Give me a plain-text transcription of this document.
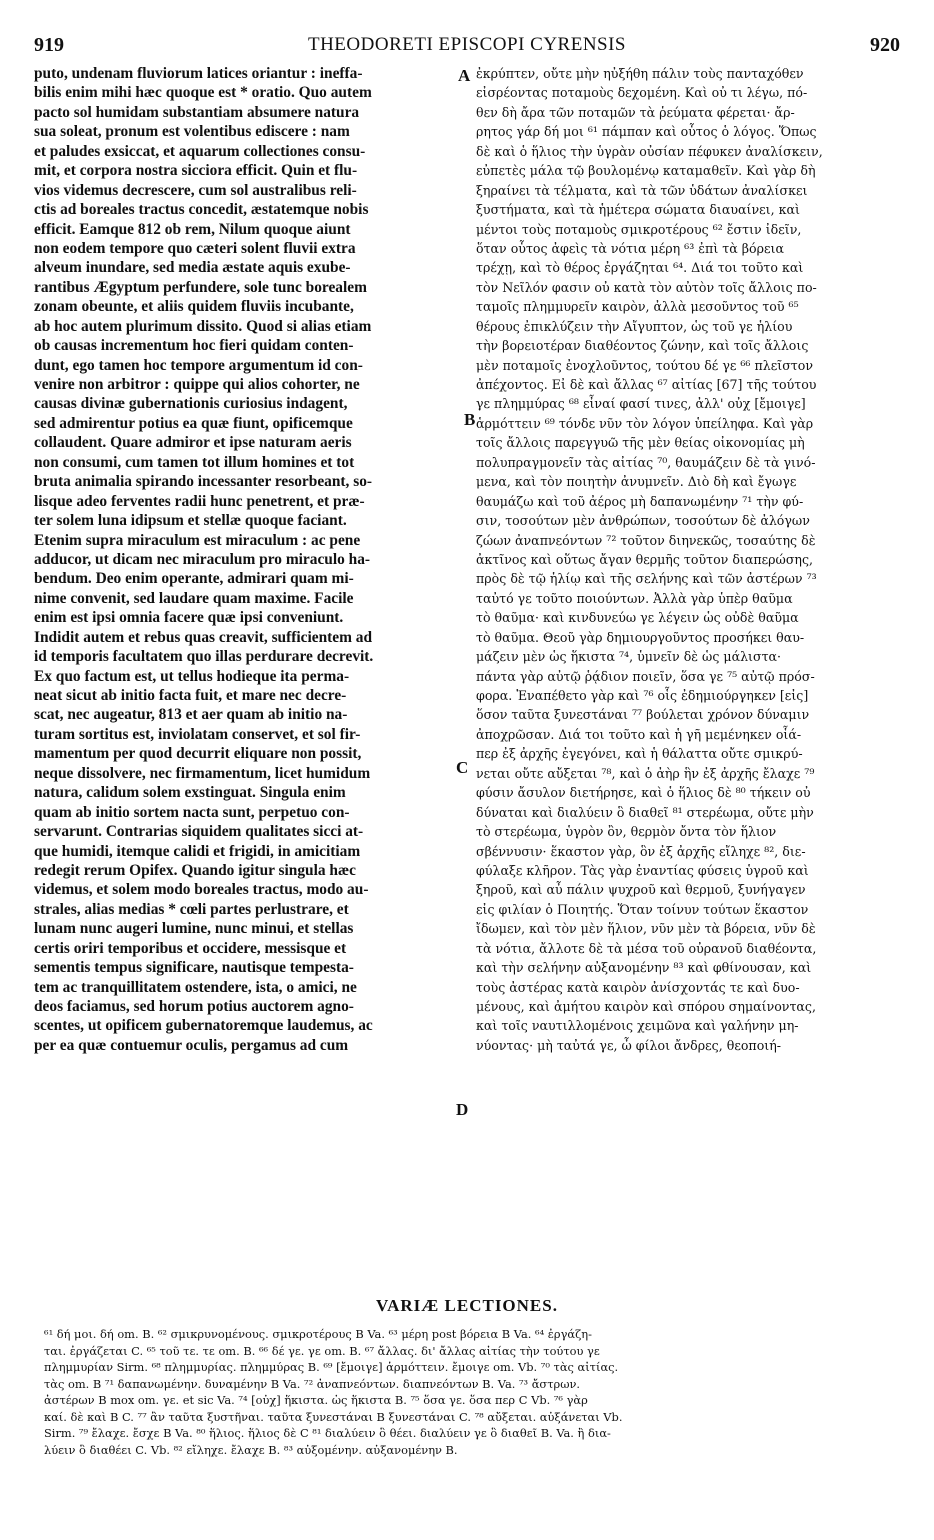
919	THEODORETI EPISCOPI CYRENSIS	920
puto, undenam fluviorum latices oriantur : ineffa-
bilis enim mihi hæc quoque est * oratio. Quo autem
pacto sol humidam substantiam absumere natura
sua soleat, pronum est volentibus ediscere : nam
et paludes exsiccat, et aquarum collectiones consu-
mit, et corpora nostra sicciora efficit. Quin et flu-
vios videmus decrescere, cum sol australibus reli-
ctis ad boreales tractus concedit, æstatemque nobis
efficit. Eamque 812 ob rem, Nilum quoque aiunt
non eodem tempore quo cæteri solent fluvii extra
alveum inundare, sed media æstate aquis exube-
rantibus Ægyptum perfundere, sole tunc borealem
zonam obeunte, et aliis quidem fluviis incubante,
ab hoc autem plurimum dissito. Quod si alias etiam
ob causas incrementum hoc fieri quidam conten-
dunt, ego tamen hoc tempore argumentum id con-
venire non arbitror : quippe qui alios cohorter, ne
causas divinæ gubernationis curiosius indagent,
sed admirentur potius ea quæ fiunt, opificemque
collaudent. Quare admiror et ipse naturam aeris
non consumi, cum tamen tot illum homines et tot
bruta animalia spirando incessanter resorbeant, so-
lisque adeo ferventes radii hunc penetrent, et præ-
ter solem luna idipsum et stellæ quoque faciant.
Etenim supra miraculum est miraculum : ac pene
adducor, ut dicam nec miraculum pro miraculo ha-
bendum. Deo enim operante, admirari quam mi-
nime convenit, sed laudare quam maxime. Facile
enim est ipsi omnia facere quæ ipsi conveniunt.
Indidit autem et rebus quas creavit, sufficientem ad
id temporis facultatem quo illas perdurare decrevit.
Ex quo factum est, ut tellus hodieque ita perma-
neat sicut ab initio facta fuit, et mare nec decre-
scat, nec augeatur, 813 et aer quam ab initio na-
turam sortitus est, inviolatam conservet, et sol fir-
mamentum per quod decurrit eliquare non possit,
neque dissolvere, nec firmamentum, licet humidum
natura, calidum solem exstinguat. Singula enim
quam ab initio sortem nacta sunt, perpetuo con-
servarunt. Contrarias siquidem qualitates sicci at-
que humidi, itemque calidi et frigidi, in amicitiam
redegit rerum Opifex. Quando igitur singula hæc
videmus, et solem modo boreales tractus, modo au-
strales, alias medias * cœli partes perlustrare, et
lunam nunc augeri lumine, nunc minui, et stellas
certis oriri temporibus et occidere, messisque et
sementis tempus significare, nautisque tempesta-
tem ac tranquillitatem ostendere, ista, o amici, ne
deos faciamus, sed horum potius auctorem agno-
scentes, ut opificem gubernatoremque laudemus, ac
per ea quæ contuemur oculis, pergamus ad cum
ἐκρύπτεν, οὔτε μὴν ηὐξήθη πάλιν τοὺς πανταχόθεν
εἰσρέοντας ποταμοὺς δεχομένη. Καὶ οὐ τι λέγω, πό-
θεν δὴ ἄρα τῶν ποταμῶν τὰ ῥεύματα φέρεται· ἄρ-
ρητος γάρ δή μοι ⁶¹ πάμπαν καὶ οὗτος ὁ λόγος. Ὅπως
δὲ καὶ ὁ ἥλιος τὴν ὑγρὰν οὐσίαν πέφυκεν ἀναλίσκειν,
εὐπετὲς μάλα τῷ βουλομένῳ καταμαθεῖν. Καὶ γὰρ δὴ
ξηραίνει τὰ τέλματα, καὶ τὰ τῶν ὑδάτων ἀναλίσκει
ξυστήματα, καὶ τὰ ἡμέτερα σώματα διαυαίνει, καὶ
μέντοι τοὺς ποταμοὺς σμικροτέρους ⁶² ἔστιν ἰδεῖν,
ὅταν οὗτος ἀφεὶς τὰ νότια μέρη ⁶³ ἐπὶ τὰ βόρεια
τρέχῃ, καὶ τὸ θέρος ἐργάζηται ⁶⁴. Διά τοι τοῦτο καὶ
τὸν Νεῖλόν φασιν οὐ κατὰ τὸν αὐτὸν τοῖς ἄλλοις πο-
ταμοῖς πλημμυρεῖν καιρὸν, ἀλλὰ μεσοῦντος τοῦ ⁶⁵
θέρους ἐπικλύζειν τὴν Αἴγυπτον, ὡς τοῦ γε ἡλίου
τὴν βορειοτέραν διαθέοντος ζώνην, καὶ τοῖς ἄλλοις
μὲν ποταμοῖς ἐνοχλοῦντος, τούτου δέ γε ⁶⁶ πλεῖστον
ἀπέχοντος. Εἰ δὲ καὶ ἄλλας ⁶⁷ αἰτίας [67] τῆς τούτου
γε πλημμύρας ⁶⁸ εἶναί φασί τινες, ἀλλ' οὐχ [ἔμοιγε]
ἁρμόττειν ⁶⁹ τόνδε νῦν τὸν λόγον ὑπείληφα. Καὶ γὰρ
τοῖς ἄλλοις παρεγγυῶ τῆς μὲν θείας οἰκονομίας μὴ
πολυπραγμονεῖν τὰς αἰτίας ⁷⁰, θαυμάζειν δὲ τὰ γινό-
μενα, καὶ τὸν ποιητὴν ἀνυμνεῖν. Διὸ δὴ καὶ ἔγωγε
θαυμάζω καὶ τοῦ ἀέρος μὴ δαπανωμένην ⁷¹ τὴν φύ-
σιν, τοσούτων μὲν ἀνθρώπων, τοσούτων δὲ ἀλόγων
ζώων ἀναπνεόντων ⁷² τοῦτον διηνεκῶς, τοσαύτης δὲ
ἀκτῖνος καὶ οὕτως ἄγαν θερμῆς τοῦτον διαπερώσης,
πρὸς δὲ τῷ ἡλίῳ καὶ τῆς σελήνης καὶ τῶν ἀστέρων ⁷³
ταὐτό γε τοῦτο ποιούντων. Ἀλλὰ γὰρ ὑπὲρ θαῦμα
τὸ θαῦμα· καὶ κινδυνεύω γε λέγειν ὡς οὐδὲ θαῦμα
τὸ θαῦμα. Θεοῦ γὰρ δημιουργοῦντος προσήκει θαυ-
μάζειν μὲν ὡς ἥκιστα ⁷⁴, ὑμνεῖν δὲ ὡς μάλιστα·
πάντα γὰρ αὐτῷ ῥᾴδιον ποιεῖν, ὅσα γε ⁷⁵ αὐτῷ πρόσ-
φορα. Ἐναπέθετο γὰρ καὶ ⁷⁶ οἷς ἐδημιούργηκεν [εἰς]
ὅσον ταῦτα ξυνεστάναι ⁷⁷ βούλεται χρόνον δύναμιν
ἀποχρῶσαν. Διά τοι τοῦτο καὶ ἡ γῆ μεμένηκεν οἷά-
περ ἐξ ἀρχῆς ἐγεγόνει, καὶ ἡ θάλαττα οὔτε σμικρύ-
νεται οὔτε αὔξεται ⁷⁸, καὶ ὁ ἀὴρ ἣν ἐξ ἀρχῆς ἔλαχε ⁷⁹
φύσιν ἄσυλον διετήρησε, καὶ ὁ ἥλιος δὲ ⁸⁰ τήκειν οὐ
δύναται καὶ διαλύειν ὃ διαθεῖ ⁸¹ στερέωμα, οὔτε μὴν
τὸ στερέωμα, ὑγρὸν ὂν, θερμὸν ὄντα τὸν ἥλιον
σβέννυσιν· ἕκαστον γὰρ, ὃν ἐξ ἀρχῆς εἴληχε ⁸², διε-
φύλαξε κλῆρον. Τὰς γὰρ ἐναντίας φύσεις ὑγροῦ καὶ
ξηροῦ, καὶ αὖ πάλιν ψυχροῦ καὶ θερμοῦ, ξυνήγαγεν
εἰς φιλίαν ὁ Ποιητής. Ὅταν τοίνυν τούτων ἕκαστον
ἴδωμεν, καὶ τὸν μὲν ἥλιον, νῦν μὲν τὰ βόρεια, νῦν δὲ
τὰ νότια, ἄλλοτε δὲ τὰ μέσα τοῦ οὐρανοῦ διαθέοντα,
καὶ τὴν σελήνην αὐξανομένην ⁸³ καὶ φθίνουσαν, καὶ
τοὺς ἀστέρας κατὰ καιρὸν ἀνίσχοντάς τε καὶ δυο-
μένους, καὶ ἀμήτου καιρὸν καὶ σπόρου σημαίνοντας,
καὶ τοῖς ναυτιλλομένοις χειμῶνα καὶ γαλήνην μη-
νύοντας· μὴ ταὐτά γε, ὦ φίλοι ἄνδρες, θεοποιή-
A
B
C
D
VARIÆ LECTIONES.
⁶¹ δή μοι. δή om. B. ⁶² σμικρυνομένους. σμικροτέρους B Va. ⁶³ μέρη post βόρεια B Va. ⁶⁴ ἐργάζη-
ται. ἐργάζεται C. ⁶⁵ τοῦ τε. τε om. B. ⁶⁶ δέ γε. γε om. B. ⁶⁷ ἄλλας. δι' ἄλλας αἰτίας τὴν τούτου γε
πλημμυρίαν Sirm. ⁶⁸ πλημμυρίας. πλημμύρας B. ⁶⁹ [ἔμοιγε] ἁρμόττειν. ἔμοιγε om. Vb. ⁷⁰ τὰς αἰτίας.
τὰς om. B ⁷¹ δαπανωμένην. δυναμένην B Va. ⁷² ἀναπνεόντων. διαπνεόντων B. Va. ⁷³ ἄστρων.
ἀστέρων B mox om. γε. et sic Va. ⁷⁴ [οὐχ] ἥκιστα. ὡς ἥκιστα B. ⁷⁵ ὅσα γε. ὅσα περ C Vb. ⁷⁶ γὰρ
καί. δὲ καὶ B C. ⁷⁷ ἂν ταῦτα ξυστῆναι. ταῦτα ξυνεστάναι B ξυνεστάναι C. ⁷⁸ αὔξεται. αὐξάνεται Vb.
Sirm. ⁷⁹ ἔλαχε. ἔσχε B Va. ⁸⁰ ἥλιος. ἥλιος δὲ C ⁸¹ διαλύειν ὃ θέει. διαλύειν γε ὃ διαθεῖ B. Va. ἢ δια-
λύειν ὃ διαθέει C. Vb. ⁸² εἴληχε. ἔλαχε B. ⁸³ αὐξομένην. αὐξανομένην B.
